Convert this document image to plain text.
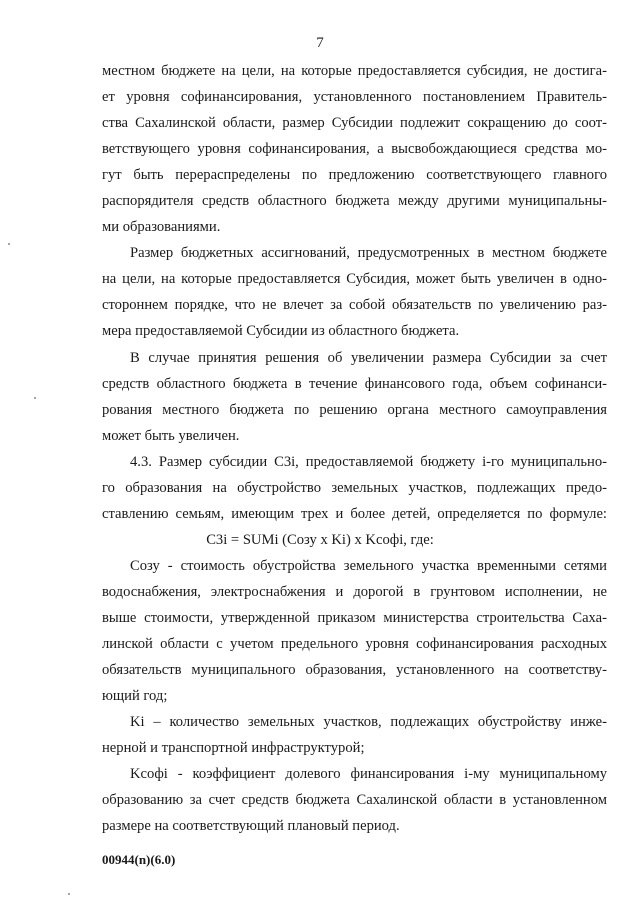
7
местном бюджете на цели, на которые предоставляется субсидия, не достига-
ет уровня софинансирования, установленного постановлением Правитель-
ства Сахалинской области, размер Субсидии подлежит сокращению до соот-
ветствующего уровня софинансирования, а высвобождающиеся средства мо-
гут быть перераспределены по предложению соответствующего главного
распорядителя средств областного бюджета между другими муниципальны-
ми образованиями.
Размер бюджетных ассигнований, предусмотренных в местном бюджете
на цели, на которые предоставляется Субсидия, может быть увеличен в одно-
стороннем порядке, что не влечет за собой обязательств по увеличению раз-
мера предоставляемой Субсидии из областного бюджета.
В случае принятия решения об увеличении размера Субсидии за счет
средств областного бюджета в течение финансового года, объем софинанси-
рования местного бюджета по решению органа местного самоуправления
может быть увеличен.
4.3. Размер субсидии С3i, предоставляемой бюджету i-го муниципально-
го образования на обустройство земельных участков, подлежащих предо-
ставлению семьям, имеющим трех и более детей, определяется по формуле:
С3i = SUMi (Созу x Ki) x Kсофi, где:
Созу - стоимость обустройства земельного участка временными сетями
водоснабжения, электроснабжения и дорогой в грунтовом исполнении, не
выше стоимости, утвержденной приказом министерства строительства Саха-
линской области с учетом предельного уровня софинансирования расходных
обязательств муниципального образования, установленного на соответству-
ющий год;
Ki – количество земельных участков, подлежащих обустройству инже-
нерной и транспортной инфраструктурой;
Kсофi - коэффициент долевого финансирования i-му муниципальному
образованию за счет средств бюджета Сахалинской области в установленном
размере на соответствующий плановый период.
00944(n)(6.0)
